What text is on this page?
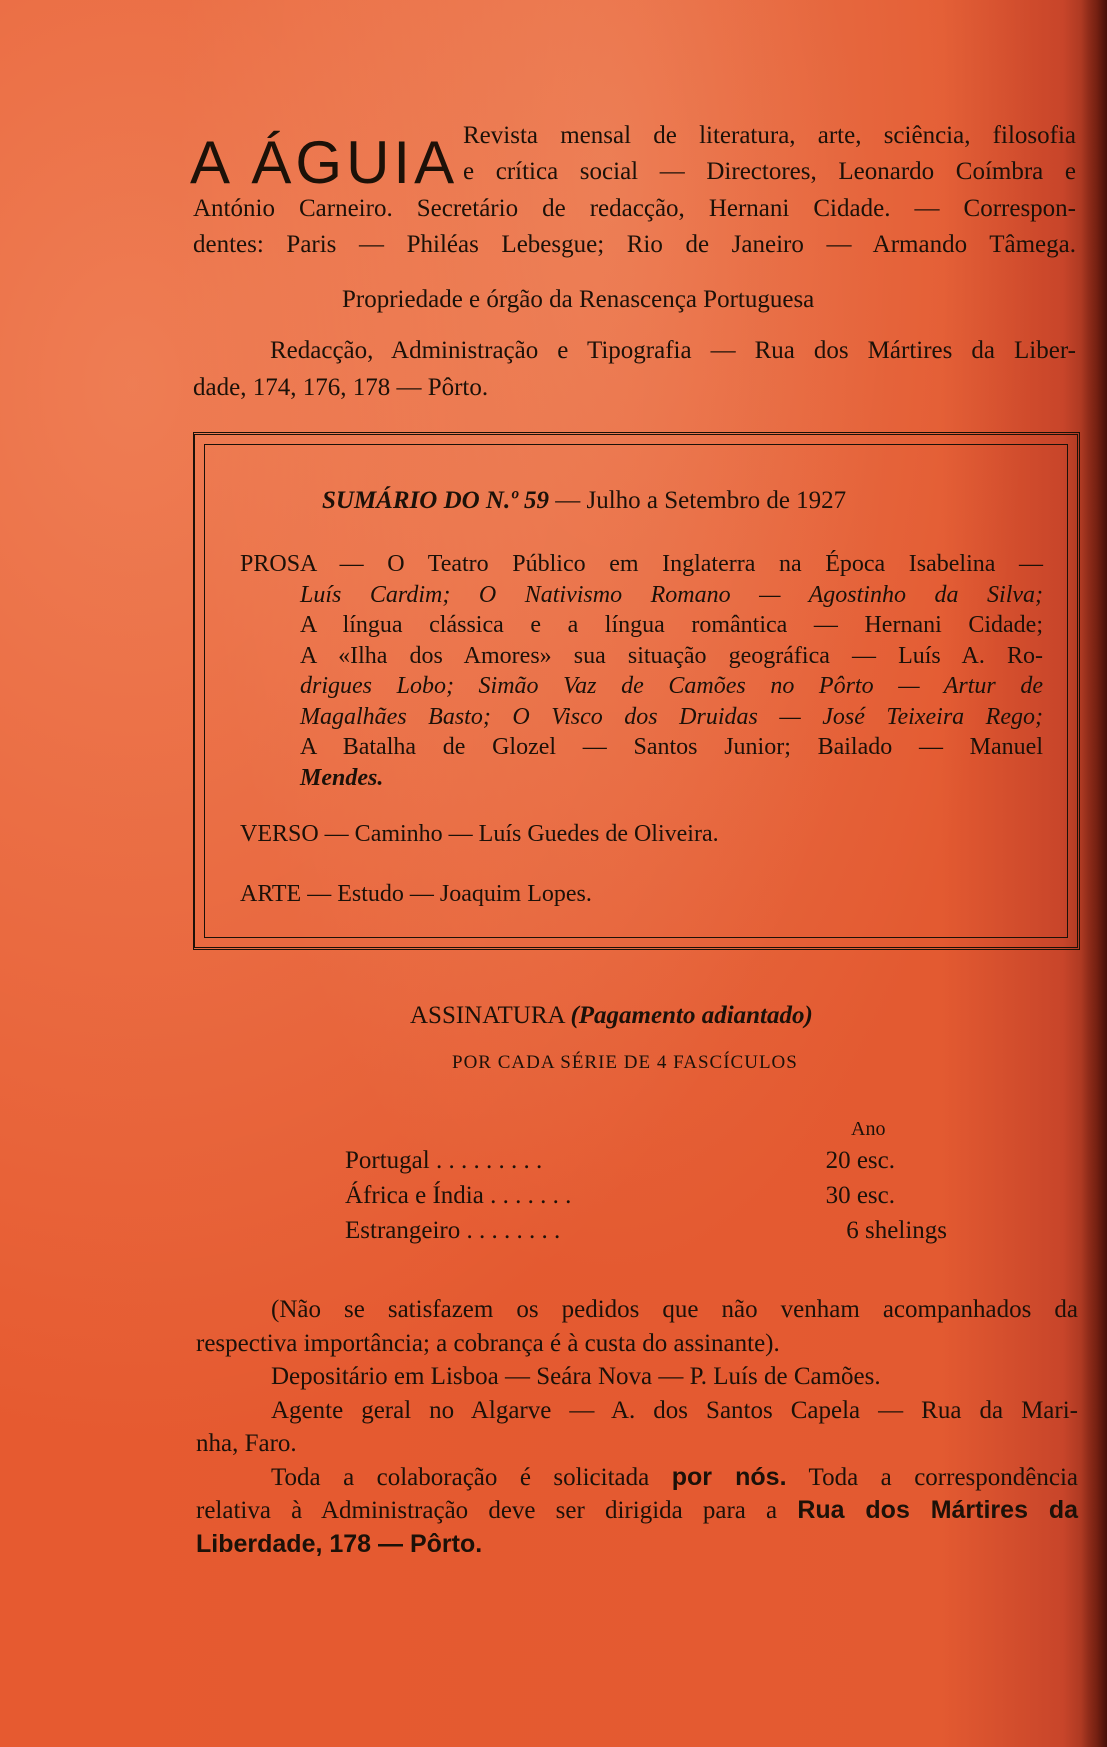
A ÁGUIA Revista mensal de literatura, arte, sciência, filosofia
e crítica social — Directores, Leonardo Coímbra e
António Carneiro. Secretário de redacção, Hernani Cidade. — Correspon-
dentes: Paris — Philéas Lebesgue; Rio de Janeiro — Armando Tâmega.
Propriedade e órgão da Renascença Portuguesa
Redacção, Administração e Tipografia — Rua dos Mártires da Liber-
dade, 174, 176, 178 — Pôrto.
SUMÁRIO DO N.º 59 — Julho a Setembro de 1927
PROSA — O Teatro Público em Inglaterra na Época Isabelina —
Luís Cardim; O Nativismo Romano — Agostinho da Silva;
A língua clássica e a língua romântica — Hernani Cidade;
A «Ilha dos Amores» sua situação geográfica — Luís A. Ro-
drigues Lobo; Simão Vaz de Camões no Pôrto — Artur de
Magalhães Basto; O Visco dos Druidas — José Teixeira Rego;
A Batalha de Glozel — Santos Junior; Bailado — Manuel
Mendes.
VERSO — Caminho — Luís Guedes de Oliveira.
ARTE — Estudo — Joaquim Lopes.
ASSINATURA (Pagamento adiantado)
POR CADA SÉRIE DE 4 FASCÍCULOS
Ano
Portugal . . . . . . . . .	20 esc.
África e Índia . . . . . . .	30 esc.
Estrangeiro . . . . . . . .	6 shelings
(Não se satisfazem os pedidos que não venham acompanhados da
respectiva importância; a cobrança é à custa do assinante).
Depositário em Lisboa — Seára Nova — P. Luís de Camões.
Agente geral no Algarve — A. dos Santos Capela — Rua da Mari-
nha, Faro.
Toda a colaboração é solicitada por nós. Toda a correspondência
relativa à Administração deve ser dirigida para a Rua dos Mártires da
Liberdade, 178 — Pôrto.
